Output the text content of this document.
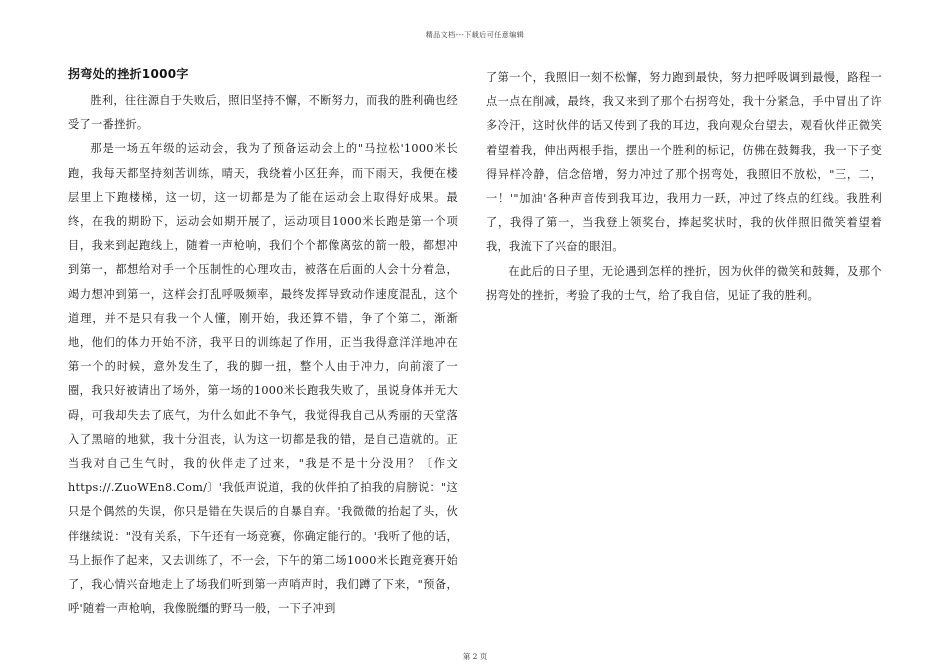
精品文档---下载后可任意编辑
拐弯处的挫折1000字

胜利，往往源自于失败后，照旧坚持不懈，不断努力，而我的胜利确也经受了一番挫折。

那是一场五年级的运动会，我为了预备运动会上的"马拉松'1000米长跑，我每天都坚持刻苦训练，晴天，我绕着小区狂奔，而下雨天，我便在楼层里上下跑楼梯，这一切，这一切都是为了能在运动会上取得好成果。最终，在我的期盼下，运动会如期开展了，运动项目1000米长跑是第一个项目，我来到起跑线上，随着一声枪响，我们个个都像离弦的箭一般，都想冲到第一，都想给对手一个压制性的心理攻击，被落在后面的人会十分着急，竭力想冲到第一，这样会打乱呼吸频率，最终发挥导致动作速度混乱，这个道理，并不是只有我一个人懂，刚开始，我还算不错，争了个第二，渐渐地，他们的体力开始不济，我平日的训练起了作用，正当我得意洋洋地冲在第一个的时候，意外发生了，我的脚一扭，整个人由于冲力，向前滚了一圈，我只好被请出了场外，第一场的1000米长跑我失败了，虽说身体并无大碍，可我却失去了底气，为什么如此不争气，我觉得我自己从秀丽的天堂落入了黑暗的地狱，我十分沮丧，认为这一切都是我的错，是自己造就的。正当我对自己生气时，我的伙伴走了过来，"我是不是十分没用？〔作文https://.ZuoWEn8.Com/〕'我低声说道，我的伙伴拍了拍我的肩膀说："这只是个偶然的失误，你只是错在失误后的自暴自弃。'我微微的抬起了头，伙伴继续说："没有关系，下午还有一场竞赛，你确定能行的。'我听了他的话，马上振作了起来，又去训练了，不一会，下午的第二场1000米长跑竞赛开始了，我心情兴奋地走上了场我们听到第一声哨声时，我们蹲了下来，"预备，呼'随着一声枪响，我像脱缰的野马一般，一下子冲到

了第一个，我照旧一刻不松懈，努力跑到最快，努力把呼吸调到最慢，路程一点一点在削减，最终，我又来到了那个右拐弯处，我十分紧急，手中冒出了许多冷汗，这时伙伴的话又传到了我的耳边，我向观众台望去，观看伙伴正微笑着望着我，伸出两根手指，摆出一个胜利的标记，仿佛在鼓舞我，我一下子变得异样冷静，信念倍增，努力冲过了那个拐弯处，我照旧不放松，"三，二，一！'"加油'各种声音传到我耳边，我用力一跃，冲过了终点的红线。我胜利了，我得了第一，当我登上领奖台，捧起奖状时，我的伙伴照旧微笑着望着我，我流下了兴奋的眼泪。

在此后的日子里，无论遇到怎样的挫折，因为伙伴的微笑和鼓舞，及那个拐弯处的挫折，考验了我的士气，给了我自信，见证了我的胜利。

第 2 页
